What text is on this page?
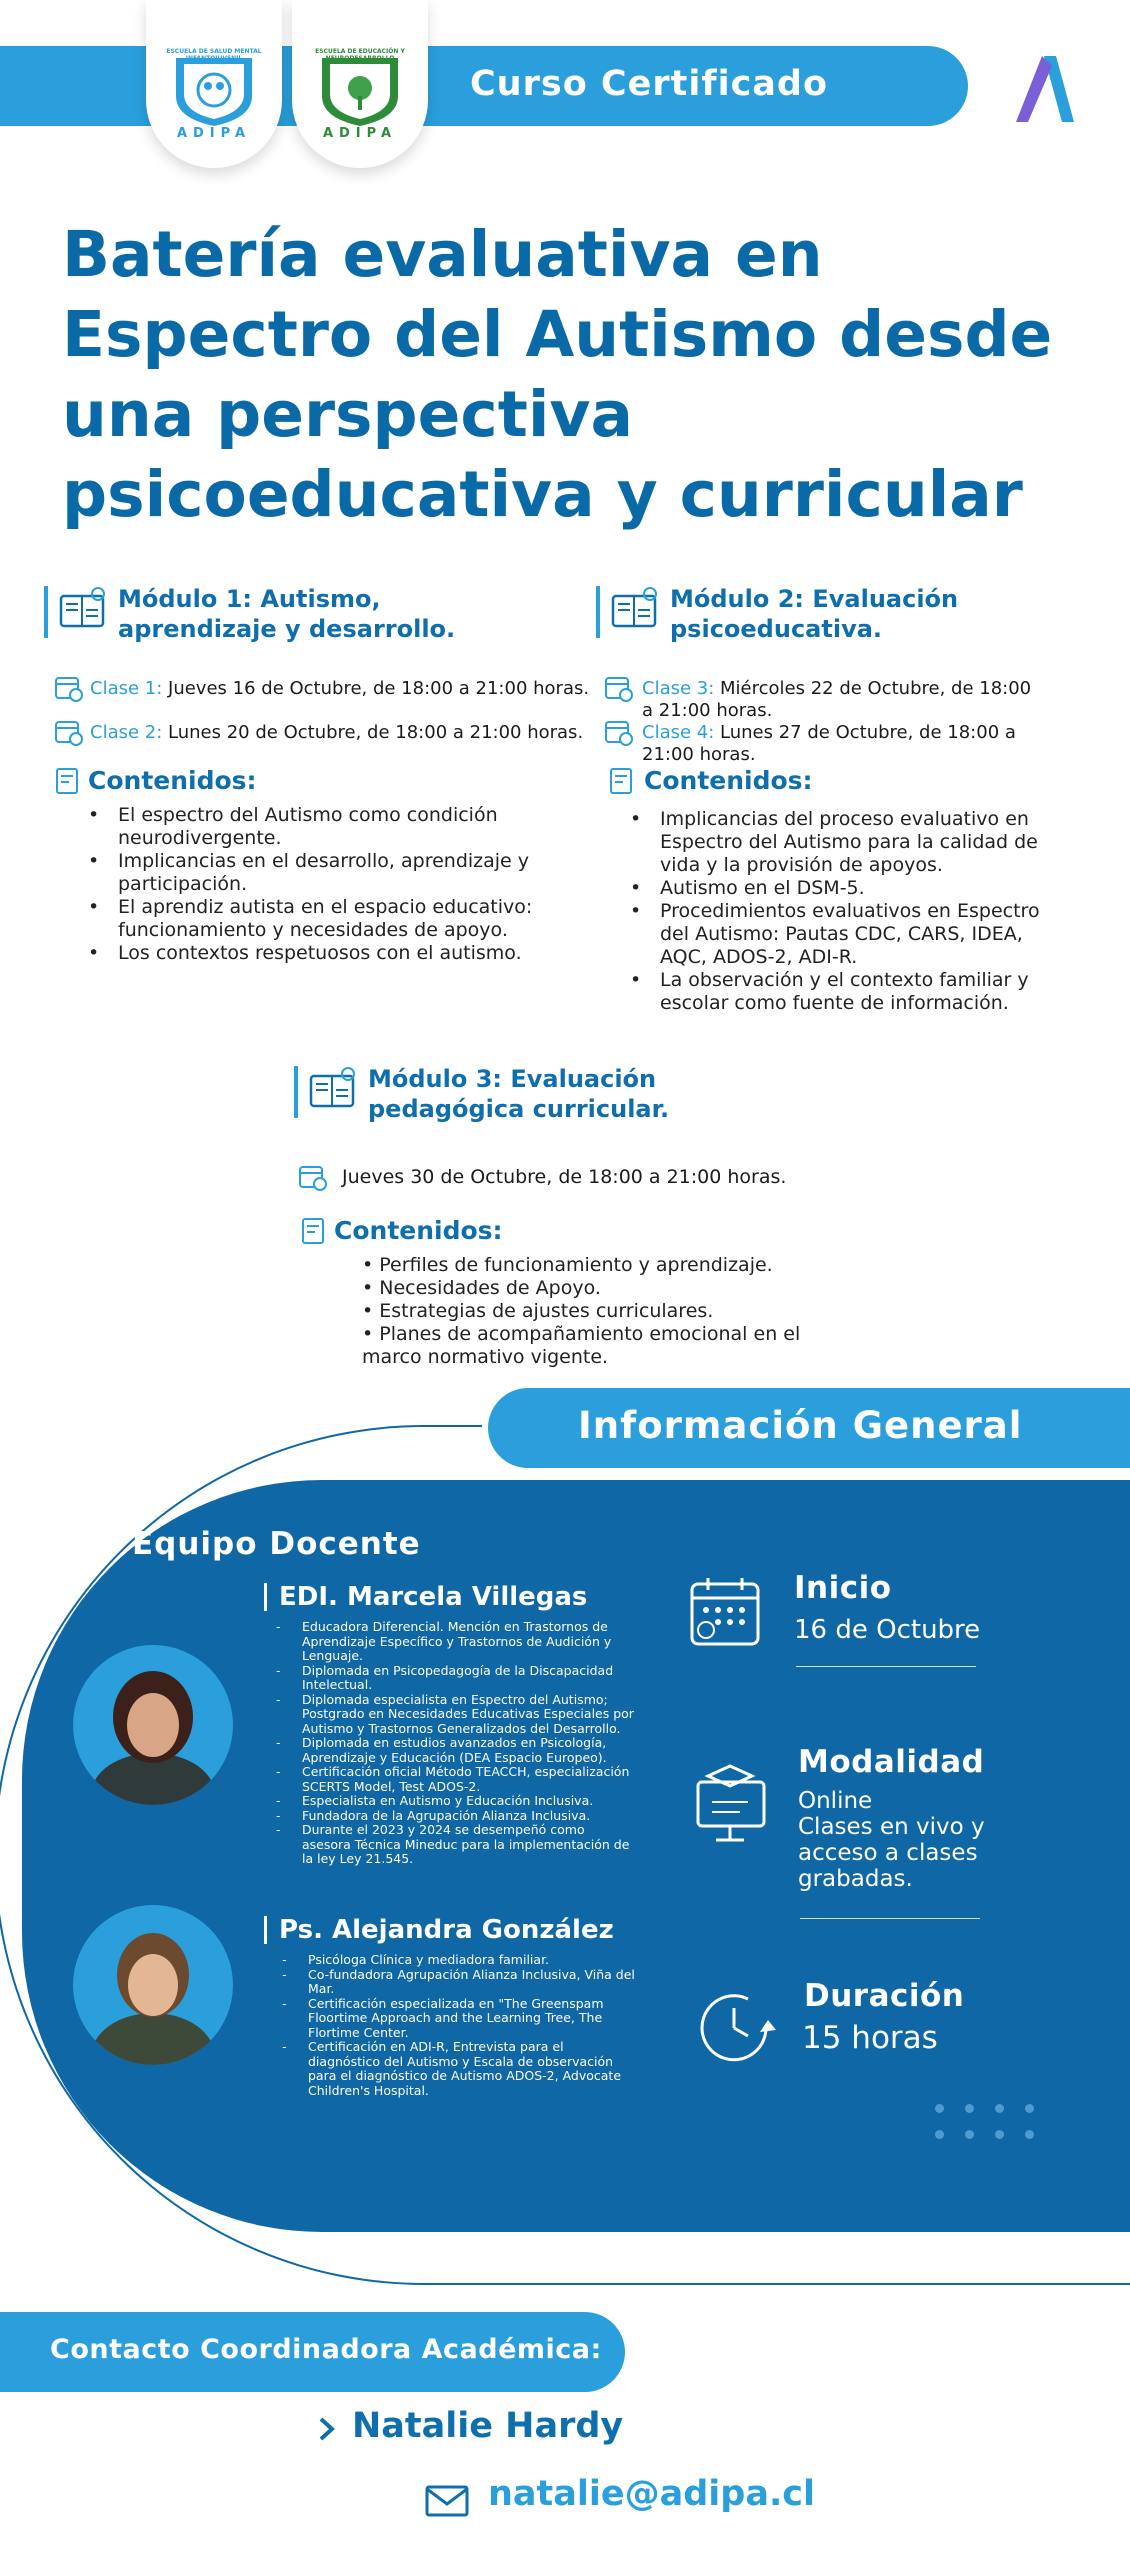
Curso Certificado
ESCUELA DE SALUD MENTAL INFANTOJUVENIL
ADIPA
ESCUELA DE EDUCACIÓN Y NEURODESARROLLO
ADIPA
Batería evaluativa en Espectro del Autismo desde una perspectiva psicoeducativa y curricular
Módulo 1: Autismo, aprendizaje y desarrollo.
Clase 1: Jueves 16 de Octubre, de 18:00 a 21:00 horas.
Clase 2: Lunes 20 de Octubre, de 18:00 a 21:00 horas.
Contenidos:
• El espectro del Autismo como condición neurodivergente.
• Implicancias en el desarrollo, aprendizaje y participación.
• El aprendiz autista en el espacio educativo: funcionamiento y necesidades de apoyo.
• Los contextos respetuosos con el autismo.
Módulo 2: Evaluación psicoeducativa.
Clase 3: Miércoles 22 de Octubre, de 18:00 a 21:00 horas.
Clase 4: Lunes 27 de Octubre, de 18:00 a 21:00 horas.
Contenidos:
• Implicancias del proceso evaluativo en Espectro del Autismo para la calidad de vida y la provisión de apoyos.
• Autismo en el DSM-5.
• Procedimientos evaluativos en Espectro del Autismo: Pautas CDC, CARS, IDEA, AQC, ADOS-2, ADI-R.
• La observación y el contexto familiar y escolar como fuente de información.
Módulo 3: Evaluación pedagógica curricular.
Jueves 30 de Octubre, de 18:00 a 21:00 horas.
Contenidos:
• Perfiles de funcionamiento y aprendizaje.
• Necesidades de Apoyo.
• Estrategias de ajustes curriculares.
• Planes de acompañamiento emocional en el marco normativo vigente.
Información General
Equipo Docente
EDI. Marcela Villegas
- Educadora Diferencial. Mención en Trastornos de Aprendizaje Específico y Trastornos de Audición y Lenguaje.
- Diplomada en Psicopedagogía de la Discapacidad Intelectual.
- Diplomada especialista en Espectro del Autismo; Postgrado en Necesidades Educativas Especiales por Autismo y Trastornos Generalizados del Desarrollo.
- Diplomada en estudios avanzados en Psicología, Aprendizaje y Educación (DEA Espacio Europeo).
- Certificación oficial Método TEACCH, especialización SCERTS Model, Test ADOS-2.
- Especialista en Autismo y Educación Inclusiva.
- Fundadora de la Agrupación Alianza Inclusiva.
- Durante el 2023 y 2024 se desempeñó como asesora Técnica Mineduc para la implementación de la ley Ley 21.545.
Ps. Alejandra González
- Psicóloga Clínica y mediadora familiar.
- Co-fundadora Agrupación Alianza Inclusiva, Viña del Mar.
- Certificación especializada en "The Greenspam Floortime Approach and the Learning Tree, The Flortime Center.
- Certificación en ADI-R, Entrevista para el diagnóstico del Autismo y Escala de observación para el diagnóstico de Autismo ADOS-2, Advocate Children's Hospital.
Inicio
16 de Octubre
Modalidad
Online
Clases en vivo y acceso a clases grabadas.
Duración
15 horas
Contacto Coordinadora Académica:
Natalie Hardy
natalie@adipa.cl
